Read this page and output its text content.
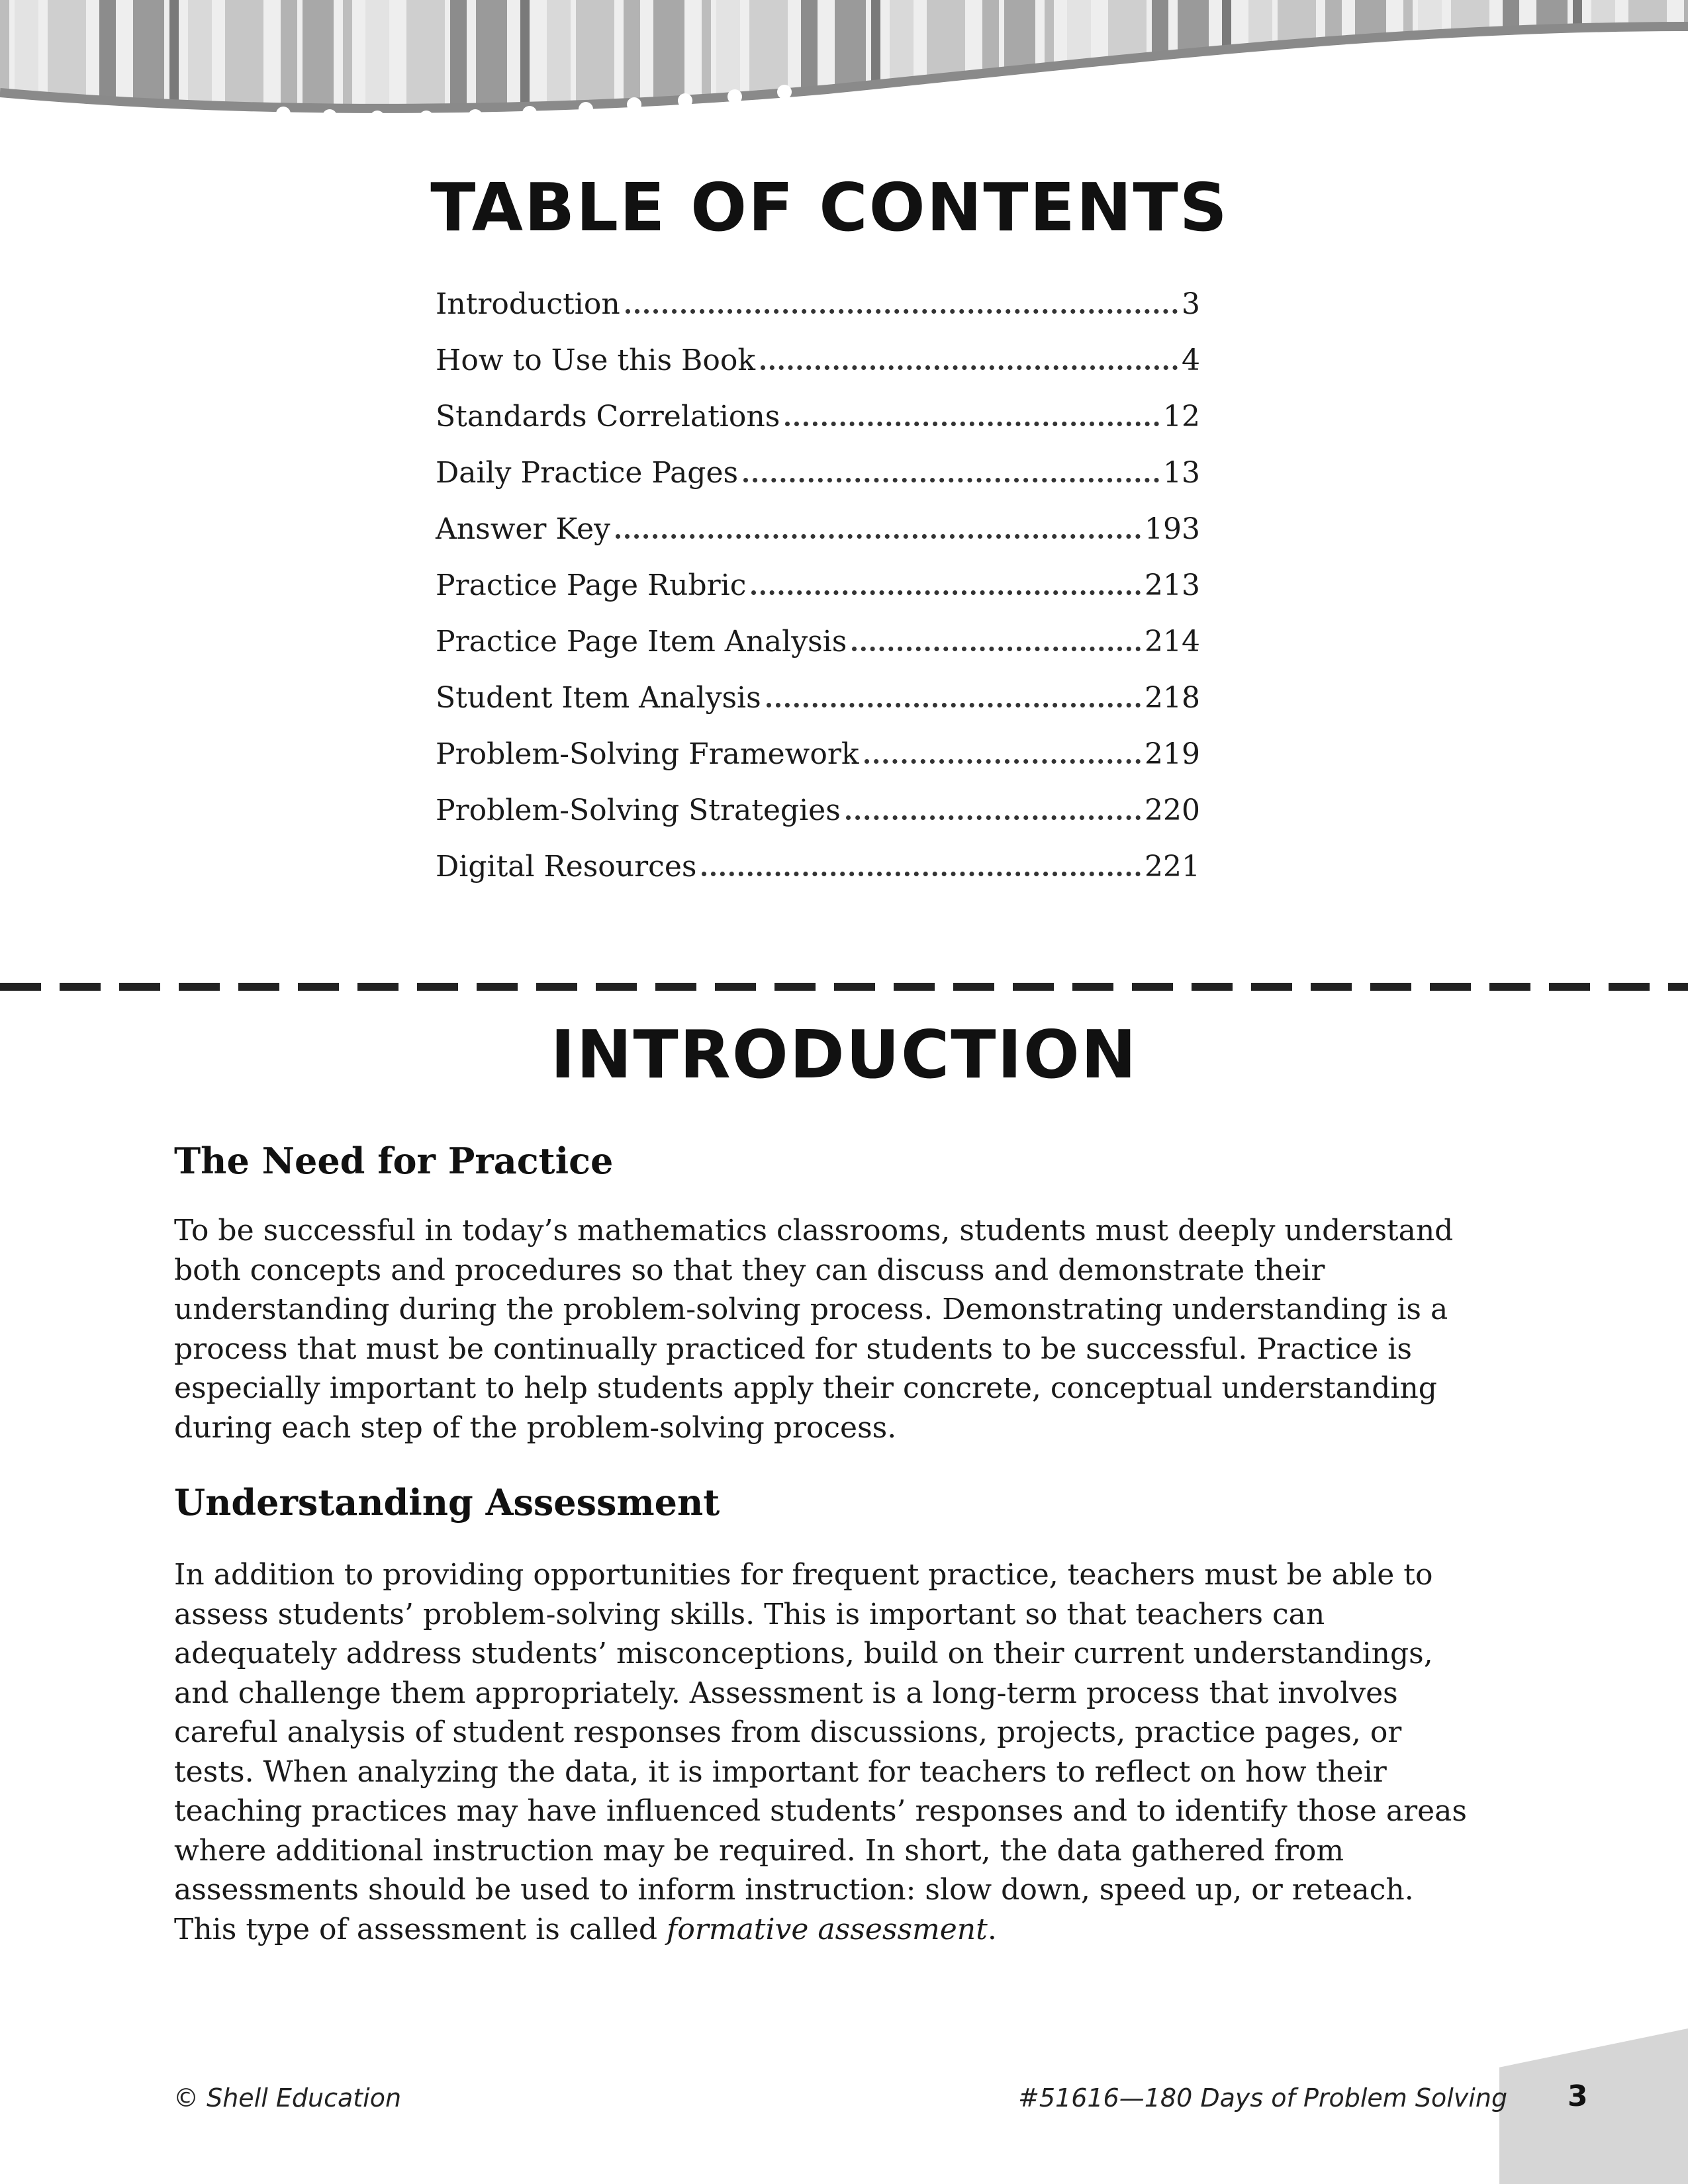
TABLE OF CONTENTS
Introduction	3
How to Use this Book	4
Standards Correlations	12
Daily Practice Pages	13
Answer Key	193
Practice Page Rubric	213
Practice Page Item Analysis	214
Student Item Analysis	218
Problem-Solving Framework	219
Problem-Solving Strategies	220
Digital Resources	221
INTRODUCTION
The Need for Practice

To be successful in today’s mathematics classrooms, students must deeply understand both concepts and procedures so that they can discuss and demonstrate their understanding during the problem-solving process. Demonstrating understanding is a process that must be continually practiced for students to be successful. Practice is especially important to help students apply their concrete, conceptual understanding during each step of the problem-solving process.

Understanding Assessment

In addition to providing opportunities for frequent practice, teachers must be able to assess students’ problem-solving skills. This is important so that teachers can adequately address students’ misconceptions, build on their current understandings, and challenge them appropriately. Assessment is a long-term process that involves careful analysis of student responses from discussions, projects, practice pages, or tests. When analyzing the data, it is important for teachers to reflect on how their teaching practices may have influenced students’ responses and to identify those areas where additional instruction may be required. In short, the data gathered from assessments should be used to inform instruction: slow down, speed up, or reteach. This type of assessment is called formative assessment.

© Shell Education	#51616—180 Days of Problem Solving 3
